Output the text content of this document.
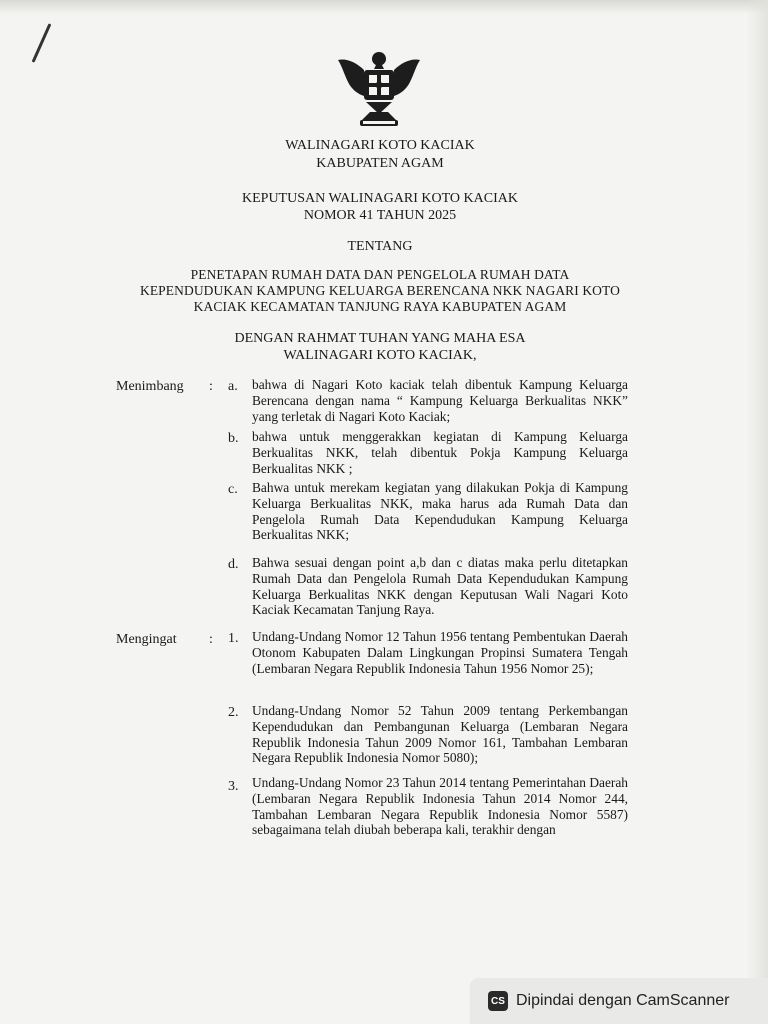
WALINAGARI KOTO KACIAK
KABUPATEN AGAM
KEPUTUSAN WALINAGARI KOTO KACIAK
NOMOR 41 TAHUN 2025
TENTANG
PENETAPAN RUMAH DATA DAN PENGELOLA RUMAH DATA
KEPENDUDUKAN KAMPUNG KELUARGA BERENCANA NKK NAGARI KOTO
KACIAK KECAMATAN TANJUNG RAYA KABUPATEN AGAM
DENGAN RAHMAT TUHAN YANG MAHA ESA
WALINAGARI KOTO KACIAK,
Menimbang : a. bahwa di Nagari Koto kaciak telah dibentuk Kampung Keluarga Berencana dengan nama “ Kampung Keluarga Berkualitas NKK” yang terletak di Nagari Koto Kaciak;
b. bahwa untuk menggerakkan kegiatan di Kampung Keluarga Berkualitas NKK, telah dibentuk Pokja Kampung Keluarga Berkualitas NKK ;
c. Bahwa untuk merekam kegiatan yang dilakukan Pokja di Kampung Keluarga Berkualitas NKK, maka harus ada Rumah Data dan Pengelola Rumah Data Kependudukan Kampung Keluarga Berkualitas NKK;
d. Bahwa sesuai dengan point a,b dan c diatas maka perlu ditetapkan Rumah Data dan Pengelola Rumah Data Kependudukan Kampung Keluarga Berkualitas NKK dengan Keputusan Wali Nagari Koto Kaciak Kecamatan Tanjung Raya.
Mengingat : 1. Undang-Undang Nomor 12 Tahun 1956 tentang Pembentukan Daerah Otonom Kabupaten Dalam Lingkungan Propinsi Sumatera Tengah (Lembaran Negara Republik Indonesia Tahun 1956 Nomor 25);
2. Undang-Undang Nomor 52 Tahun 2009 tentang Perkembangan Kependudukan dan Pembangunan Keluarga (Lembaran Negara Republik Indonesia Tahun 2009 Nomor 161, Tambahan Lembaran Negara Republik Indonesia Nomor 5080);
3. Undang-Undang Nomor 23 Tahun 2014 tentang Pemerintahan Daerah (Lembaran Negara Republik Indonesia Tahun 2014 Nomor 244, Tambahan Lembaran Negara Republik Indonesia Nomor 5587) sebagaimana telah diubah beberapa kali, terakhir dengan
CS Dipindai dengan CamScanner
